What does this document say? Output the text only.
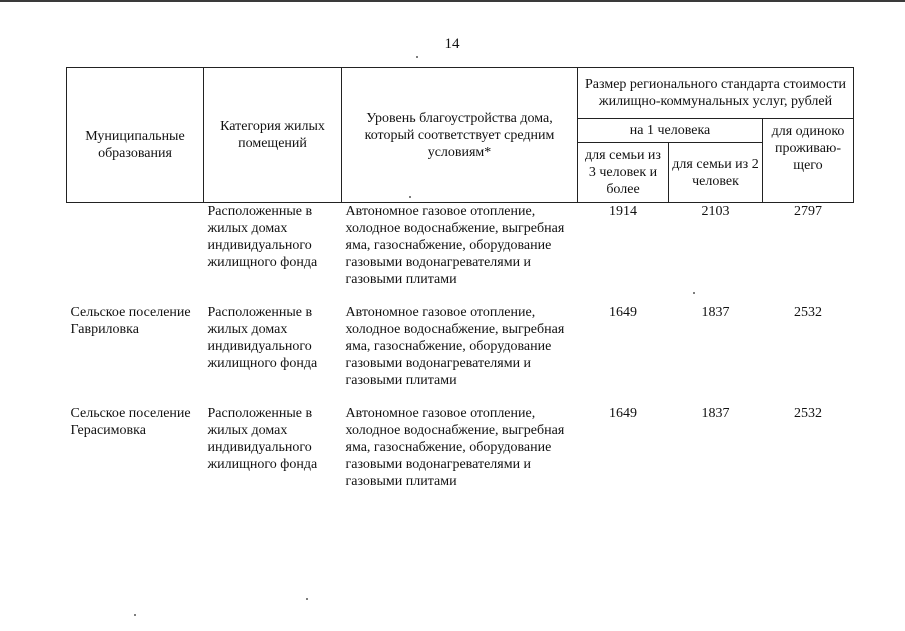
14
Муниципальные образования	Категория жилых помещений	Уровень благоустройства дома, который соответствует средним условиям*	Размер регионального стандарта стоимости жилищно-коммунальных услуг, рублей		
			на 1 человека		для одиноко проживаю-щего
			для семьи из 3 человек и более	для семьи из 2 человек	
	Расположенные в жилых домах индивидуального жилищного фонда	Автономное газовое отопление, холодное водоснабжение, выгребная яма, газоснабжение, оборудование газовыми водонагревателями и газовыми плитами	1914	2103	2797
Сельское поселение Гавриловка	Расположенные в жилых домах индивидуального жилищного фонда	Автономное газовое отопление, холодное водоснабжение, выгребная яма, газоснабжение, оборудование газовыми водонагревателями и газовыми плитами	1649	1837	2532
Сельское поселение Герасимовка	Расположенные в жилых домах индивидуального жилищного фонда	Автономное газовое отопление, холодное водоснабжение, выгребная яма, газоснабжение, оборудование газовыми водонагревателями и газовыми плитами	1649	1837	2532
